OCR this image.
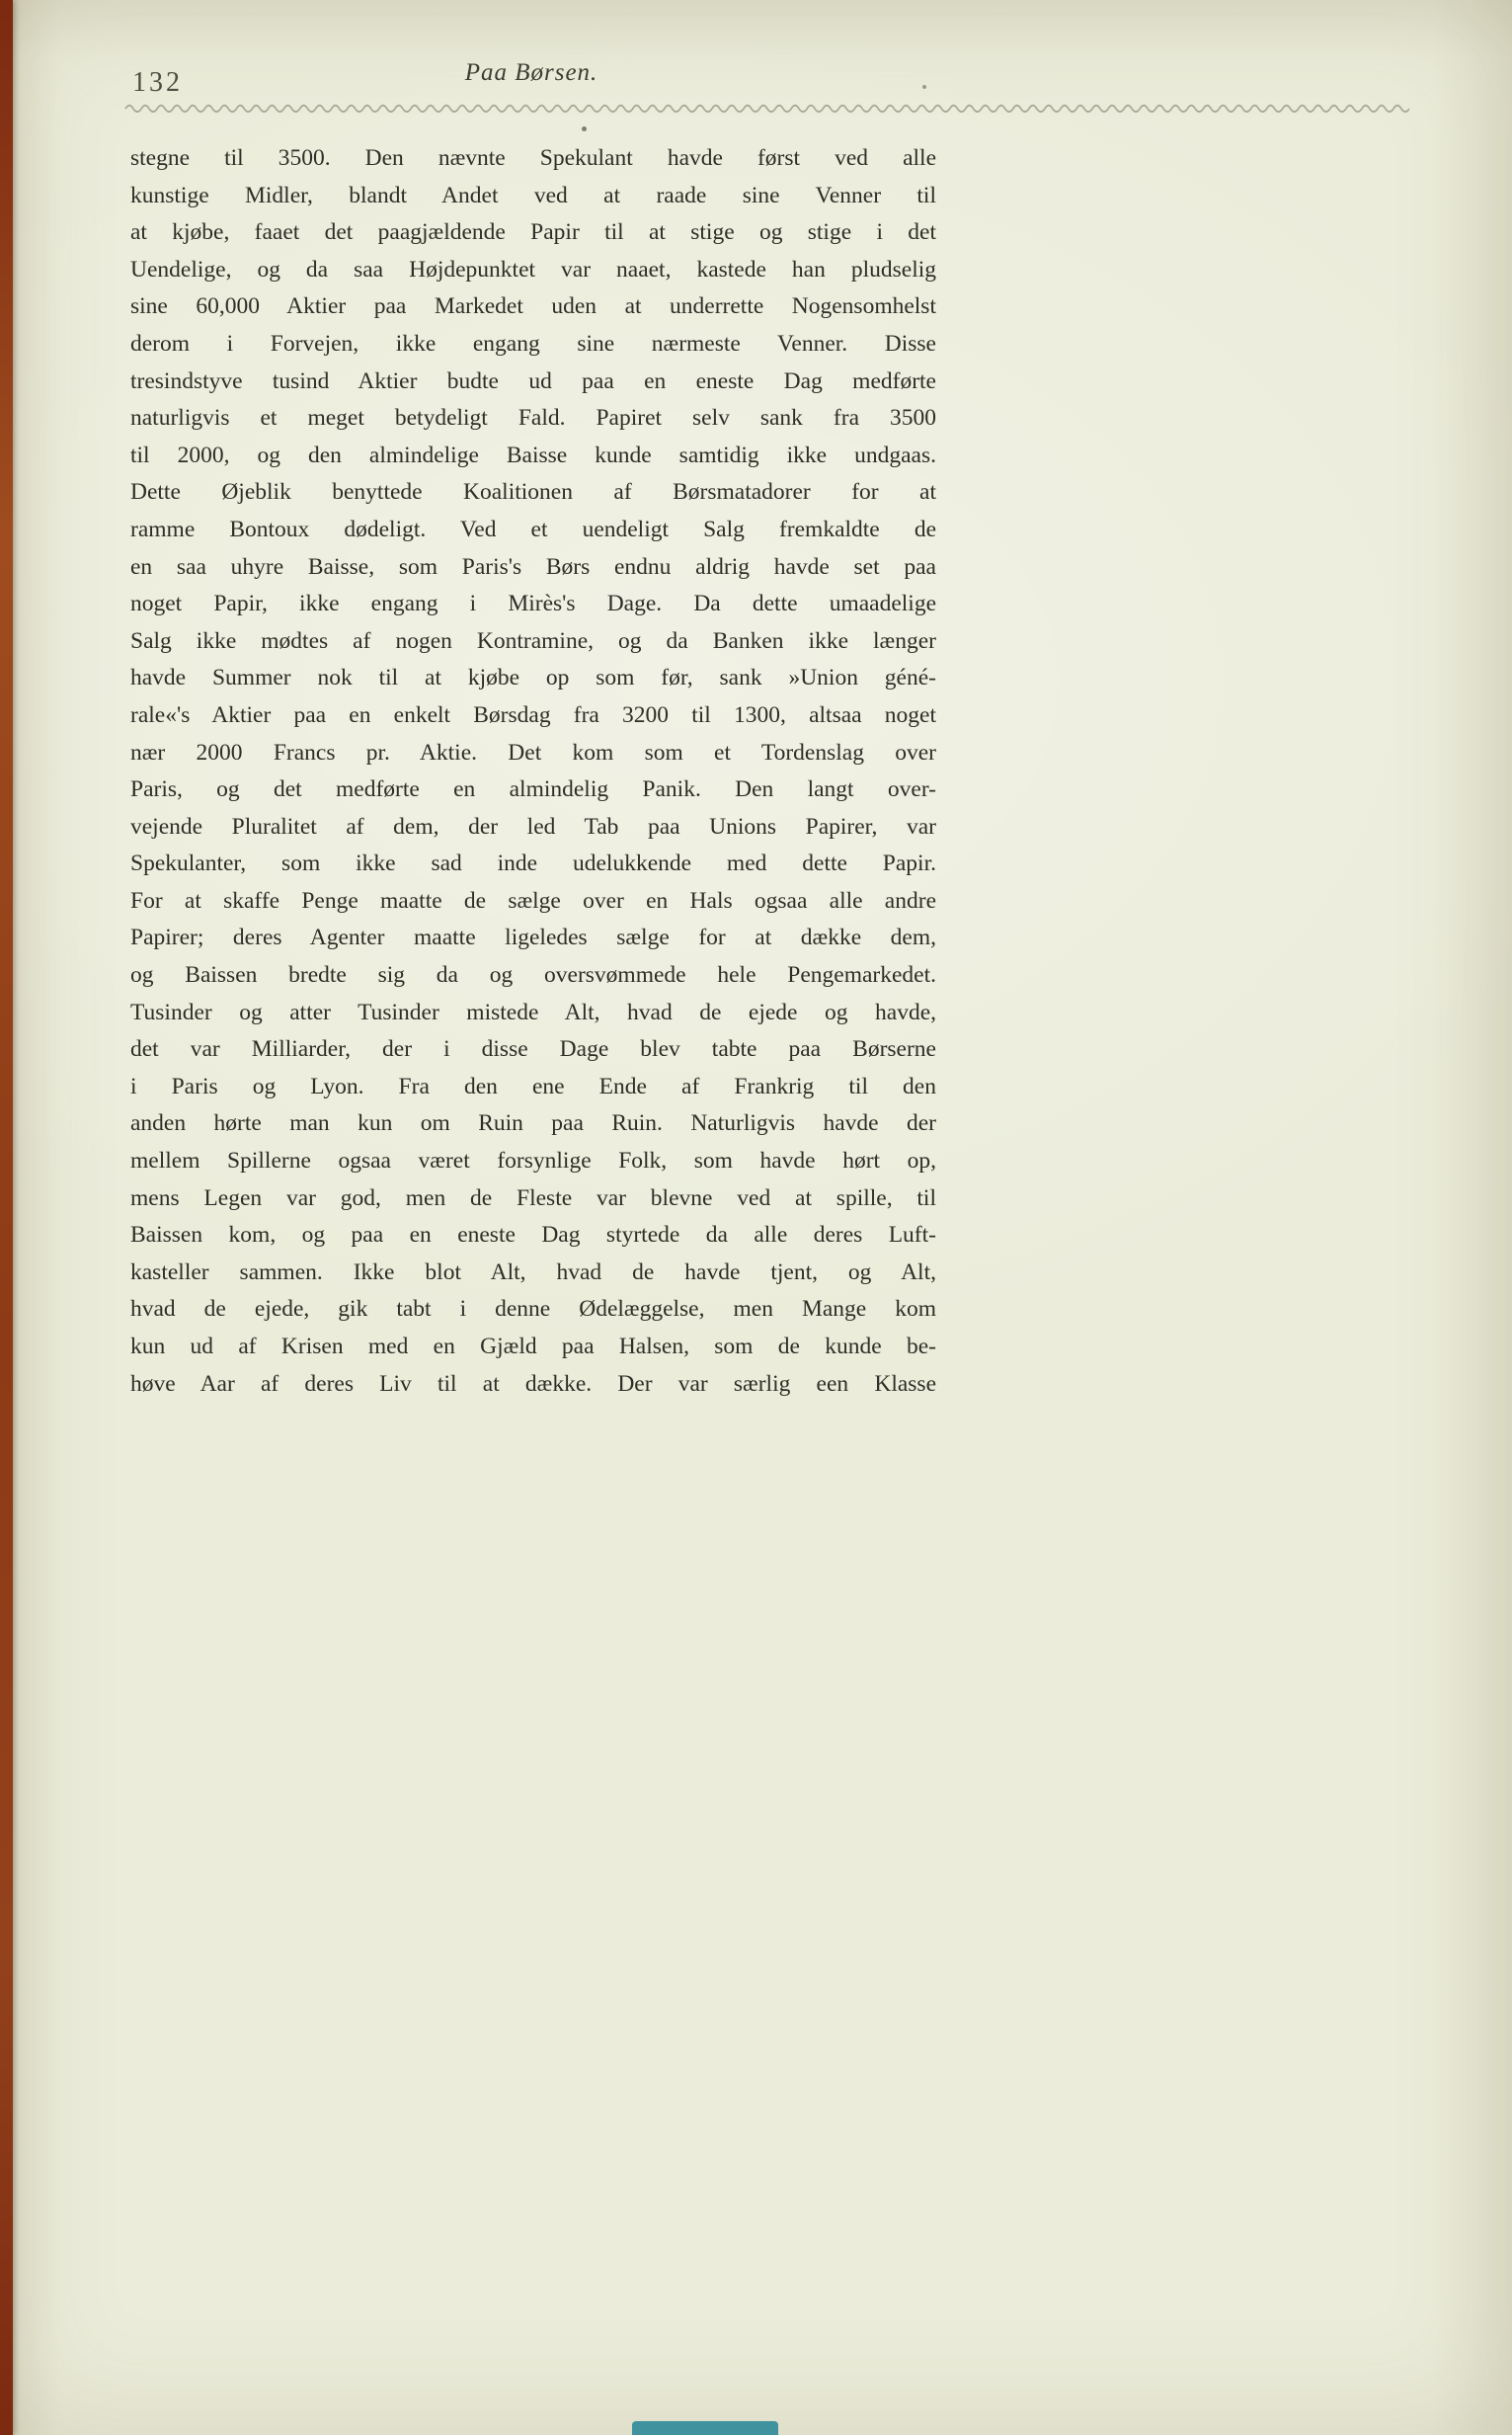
132	Paa Børsen.
stegne til 3500. Den nævnte Spekulant havde først ved alle
kunstige Midler, blandt Andet ved at raade sine Venner til
at kjøbe, faaet det paagjældende Papir til at stige og stige i det
Uendelige, og da saa Højdepunktet var naaet, kastede han pludselig
sine 60,000 Aktier paa Markedet uden at underrette Nogensomhelst
derom i Forvejen, ikke engang sine nærmeste Venner. Disse
tresindstyve tusind Aktier budte ud paa en eneste Dag medførte
naturligvis et meget betydeligt Fald. Papiret selv sank fra 3500
til 2000, og den almindelige Baisse kunde samtidig ikke undgaas.
Dette Øjeblik benyttede Koalitionen af Børsmatadorer for at
ramme Bontoux dødeligt. Ved et uendeligt Salg fremkaldte de
en saa uhyre Baisse, som Paris's Børs endnu aldrig havde set paa
noget Papir, ikke engang i Mirès's Dage. Da dette umaadelige
Salg ikke mødtes af nogen Kontramine, og da Banken ikke længer
havde Summer nok til at kjøbe op som før, sank »Union géné-
rale«'s Aktier paa en enkelt Børsdag fra 3200 til 1300, altsaa noget
nær 2000 Francs pr. Aktie. Det kom som et Tordenslag over
Paris, og det medførte en almindelig Panik. Den langt over-
vejende Pluralitet af dem, der led Tab paa Unions Papirer, var
Spekulanter, som ikke sad inde udelukkende med dette Papir.
For at skaffe Penge maatte de sælge over en Hals ogsaa alle andre
Papirer; deres Agenter maatte ligeledes sælge for at dække dem,
og Baissen bredte sig da og oversvømmede hele Pengemarkedet.
Tusinder og atter Tusinder mistede Alt, hvad de ejede og havde,
det var Milliarder, der i disse Dage blev tabte paa Børserne
i Paris og Lyon. Fra den ene Ende af Frankrig til den
anden hørte man kun om Ruin paa Ruin. Naturligvis havde der
mellem Spillerne ogsaa været forsynlige Folk, som havde hørt op,
mens Legen var god, men de Fleste var blevne ved at spille, til
Baissen kom, og paa en eneste Dag styrtede da alle deres Luft-
kasteller sammen. Ikke blot Alt, hvad de havde tjent, og Alt,
hvad de ejede, gik tabt i denne Ødelæggelse, men Mange kom
kun ud af Krisen med en Gjæld paa Halsen, som de kunde be-
høve Aar af deres Liv til at dække. Der var særlig een Klasse
